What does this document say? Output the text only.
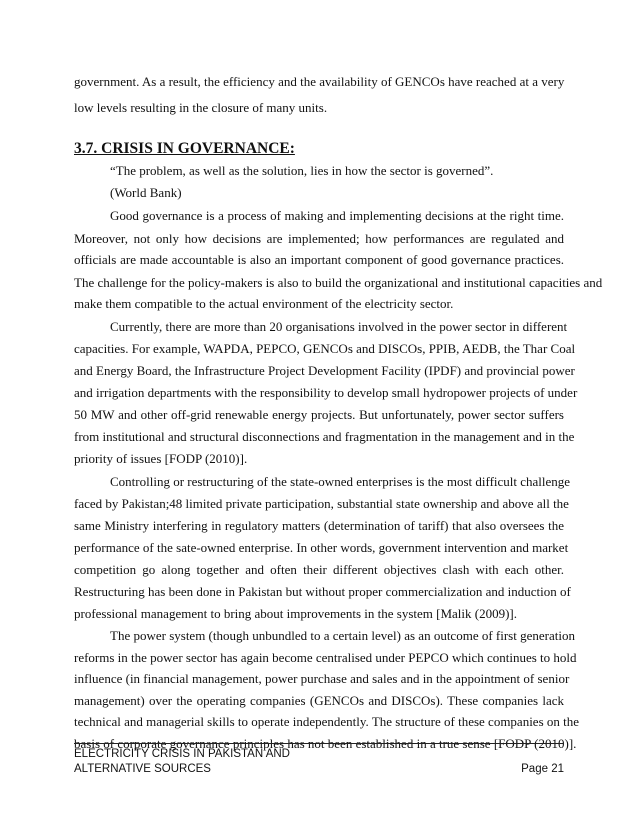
government. As a result, the efficiency and the availability of GENCOs have reached at a very
low levels resulting in the closure of many units.
3.7. CRISIS IN GOVERNANCE:
“The problem, as well as the solution, lies in how the sector is governed”.
(World Bank)
Good governance is a process of making and implementing decisions at the right time.
Moreover, not only how decisions are implemented; how performances are regulated and
officials are made accountable is also an important component of good governance practices.
The challenge for the policy-makers is also to build the organizational and institutional capacities and
make them compatible to the actual environment of the electricity sector.
Currently, there are more than 20 organisations involved in the power sector in different
capacities. For example, WAPDA, PEPCO, GENCOs and DISCOs, PPIB, AEDB, the Thar Coal
and Energy Board, the Infrastructure Project Development Facility (IPDF) and provincial power
and irrigation departments with the responsibility to develop small hydropower projects of under
50 MW and other off-grid renewable energy projects. But unfortunately, power sector suffers
from institutional and structural disconnections and fragmentation in the management and in the
priority of issues [FODP (2010)].
Controlling or restructuring of the state-owned enterprises is the most difficult challenge
faced by Pakistan;48 limited private participation, substantial state ownership and above all the
same Ministry interfering in regulatory matters (determination of tariff) that also oversees the
performance of the sate-owned enterprise. In other words, government intervention and market
competition go along together and often their different objectives clash with each other.
Restructuring has been done in Pakistan but without proper commercialization and induction of
professional management to bring about improvements in the system [Malik (2009)].
The power system (though unbundled to a certain level) as an outcome of first generation
reforms in the power sector has again become centralised under PEPCO which continues to hold
influence (in financial management, power purchase and sales and in the appointment of senior
management) over the operating companies (GENCOs and DISCOs). These companies lack
technical and managerial skills to operate independently. The structure of these companies on the
basis of corporate governance principles has not been established in a true sense [FODP (2010)].
ELECTRICITY CRISIS IN PAKISTAN AND
ALTERNATIVE SOURCES	Page 21
